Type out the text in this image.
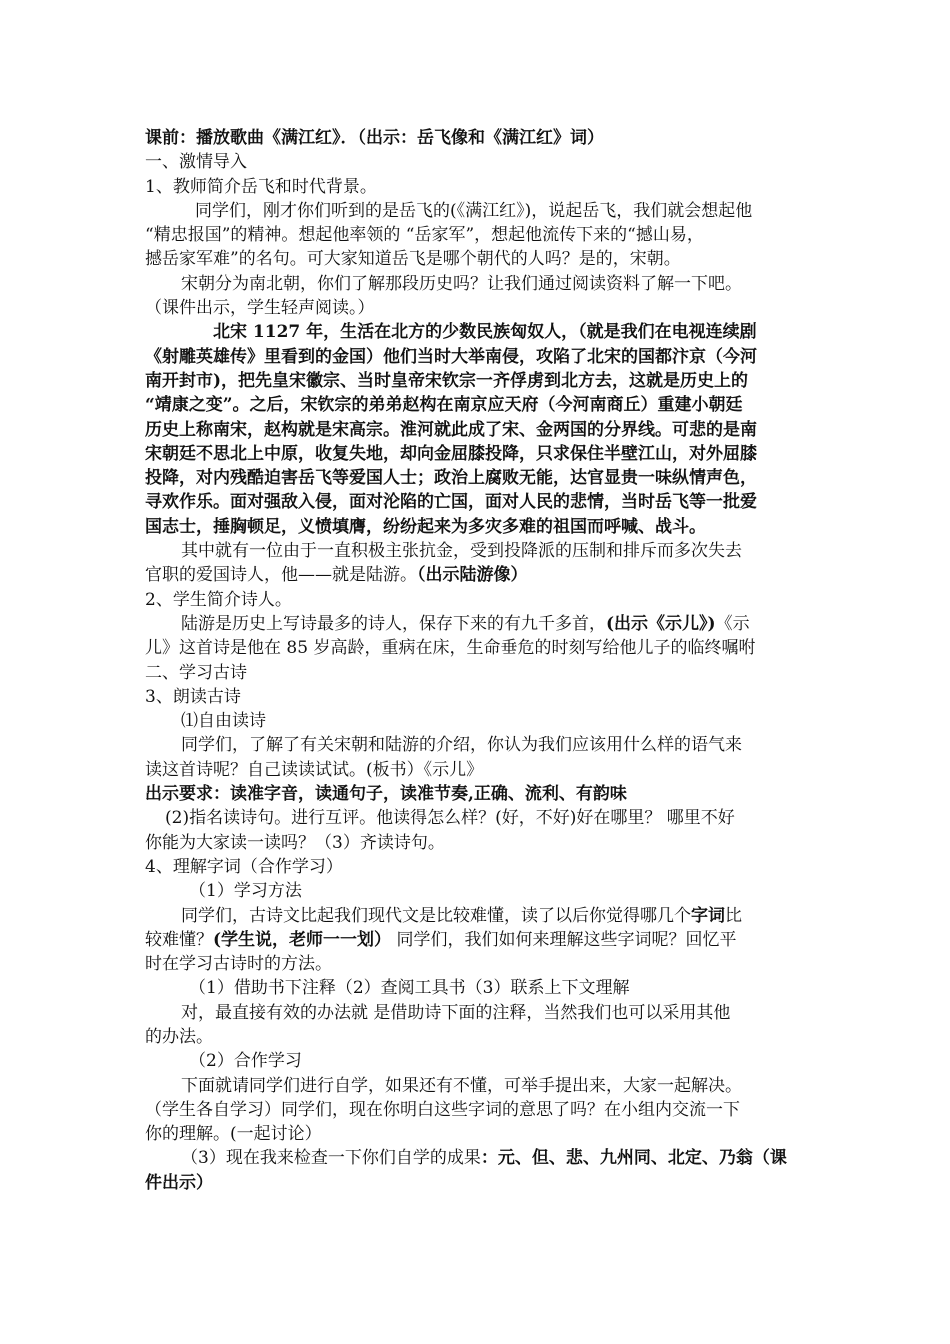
课前：播放歌曲《满江红》．（出示：岳飞像和《满江红》词）

一、激情导入

1、教师简介岳飞和时代背景。

同学们，刚才你们听到的是岳飞的(《满江红》)，说起岳飞，我们就会想起他

“精忠报国”的精神。想起他率领的 “岳家军”，想起他流传下来的“撼山易，

撼岳家军难”的名句。可大家知道岳飞是哪个朝代的人吗？是的，宋朝。

宋朝分为南北朝，你们了解那段历史吗？让我们通过阅读资料了解一下吧。

（课件出示，学生轻声阅读。）

北宋 1127 年，生活在北方的少数民族匈奴人，（就是我们在电视连续剧

《射雕英雄传》里看到的金国）他们当时大举南侵，攻陷了北宋的国都汴京（今河

南开封市)，把先皇宋徽宗、当时皇帝宋钦宗一齐俘虏到北方去，这就是历史上的

“靖康之变”。之后，宋钦宗的弟弟赵构在南京应天府（今河南商丘）重建小朝廷

历史上称南宋，赵构就是宋高宗。淮河就此成了宋、金两国的分界线。可悲的是南

宋朝廷不思北上中原，收复失地，却向金屈膝投降，只求保住半壁江山，对外屈膝

投降，对内残酷迫害岳飞等爱国人士；政治上腐败无能，达官显贵一味纵情声色，

寻欢作乐。面对强敌入侵，面对沦陷的亡国，面对人民的悲情，当时岳飞等一批爱

国志士，捶胸顿足，义愤填膺，纷纷起来为多灾多难的祖国而呼喊、战斗。

其中就有一位由于一直积极主张抗金，受到投降派的压制和排斥而多次失去

官职的爱国诗人，他——就是陆游。（出示陆游像）

2、学生简介诗人。

陆游是历史上写诗最多的诗人，保存下来的有九千多首，(出示《示儿》)《示

儿》这首诗是他在 85 岁高龄，重病在床，生命垂危的时刻写给他儿子的临终嘱咐

二、学习古诗

3、朗读古诗

⑴自由读诗

同学们，了解了有关宋朝和陆游的介绍，你认为我们应该用什么样的语气来

读这首诗呢？自己读读试试。(板书）《示儿》

出示要求：读准字音，读通句子，读准节奏,正确、流利、有韵味

(2)指名读诗句。进行互评。他读得怎么样？(好，不好)好在哪里？ 哪里不好

你能为大家读一读吗？（3）齐读诗句。

4、理解字词（合作学习）

（1）学习方法

同学们，古诗文比起我们现代文是比较难懂，读了以后你觉得哪几个字词比

较难懂？(学生说，老师一一划） 同学们，我们如何来理解这些字词呢？回忆平

时在学习古诗时的方法。

（1）借助书下注释（2）查阅工具书（3）联系上下文理解

对，最直接有效的办法就 是借助诗下面的注释，当然我们也可以采用其他

的办法。

（2）合作学习

下面就请同学们进行自学，如果还有不懂，可举手提出来，大家一起解决。

（学生各自学习）同学们，现在你明白这些字词的意思了吗？在小组内交流一下

你的理解。(一起讨论）

（3）现在我来检查一下你们自学的成果：元、但、悲、九州同、北定、乃翁（课

件出示）
